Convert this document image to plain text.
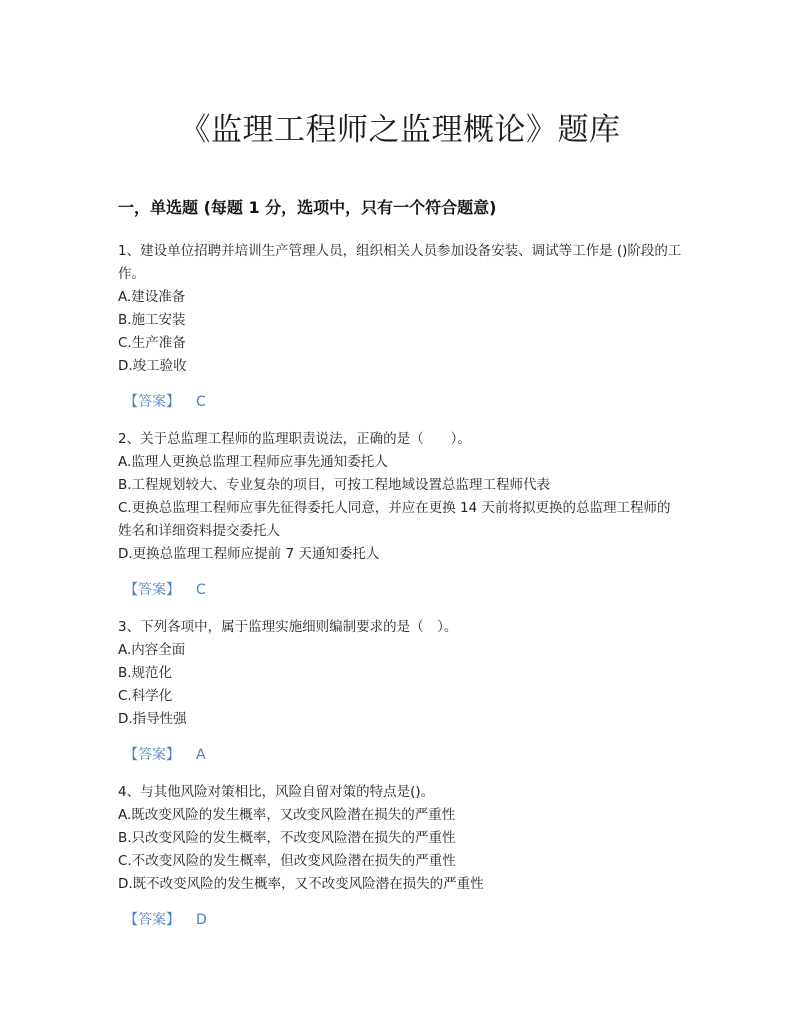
《监理工程师之监理概论》题库
一，单选题 (每题 1 分，选项中，只有一个符合题意)
1、建设单位招聘并培训生产管理人员，组织相关人员参加设备安装、调试等工作是 ()阶段的工作。
A.建设准备
B.施工安装
C.生产准备
D.竣工验收
【答案】 C
2、关于总监理工程师的监理职责说法，正确的是（　　）。
A.监理人更换总监理工程师应事先通知委托人
B.工程规划较大、专业复杂的项目，可按工程地域设置总监理工程师代表
C.更换总监理工程师应事先征得委托人同意，并应在更换 14 天前将拟更换的总监理工程师的姓名和详细资料提交委托人
D.更换总监理工程师应提前 7 天通知委托人
【答案】 C
3、下列各项中，属于监理实施细则编制要求的是（　）。
A.内容全面
B.规范化
C.科学化
D.指导性强
【答案】 A
4、与其他风险对策相比，风险自留对策的特点是()。
A.既改变风险的发生概率，又改变风险潜在损失的严重性
B.只改变风险的发生概率，不改变风险潜在损失的严重性
C.不改变风险的发生概率，但改变风险潜在损失的严重性
D.既不改变风险的发生概率，又不改变风险潜在损失的严重性
【答案】 D
